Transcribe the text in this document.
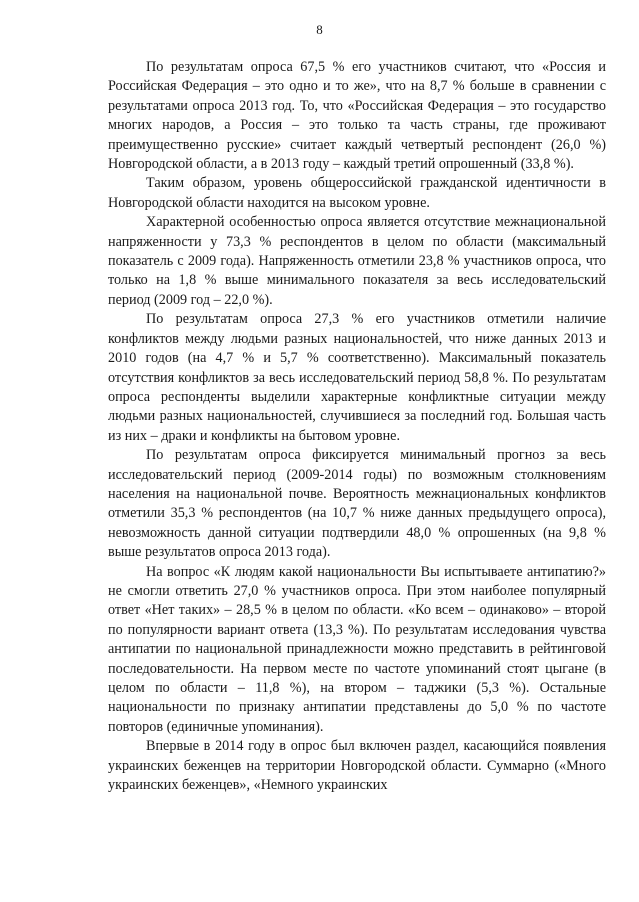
8

По результатам опроса 67,5 % его участников считают, что «Россия и Российская Федерация – это одно и то же», что на 8,7 % больше в сравнении с результатами опроса 2013 год. То, что «Российская Федерация – это государство многих народов, а Россия – это только та часть страны, где проживают преимущественно русские» считает каждый четвертый респондент (26,0 %) Новгородской области, а в 2013 году – каждый третий опрошенный (33,8 %).

Таким образом, уровень общероссийской гражданской идентичности в Новгородской области находится на высоком уровне.

Характерной особенностью опроса является отсутствие межнациональной напряженности у 73,3 % респондентов в целом по области (максимальный показатель с 2009 года). Напряженность отметили 23,8 % участников опроса, что только на 1,8 % выше минимального показателя за весь исследовательский период (2009 год – 22,0 %).

По результатам опроса 27,3 % его участников отметили наличие конфликтов между людьми разных национальностей, что ниже данных 2013 и 2010 годов (на 4,7 % и 5,7 % соответственно). Максимальный показатель отсутствия конфликтов за весь исследовательский период 58,8 %. По результатам опроса респонденты выделили характерные конфликтные ситуации между людьми разных национальностей, случившиеся за последний год. Большая часть из них – драки и конфликты на бытовом уровне.

По результатам опроса фиксируется минимальный прогноз за весь исследовательский период (2009-2014 годы) по возможным столкновениям населения на национальной почве. Вероятность межнациональных конфликтов отметили 35,3 % респондентов (на 10,7 % ниже данных предыдущего опроса), невозможность данной ситуации подтвердили 48,0 % опрошенных (на 9,8 % выше результатов опроса 2013 года).

На вопрос «К людям какой национальности Вы испытываете антипатию?» не смогли ответить 27,0 % участников опроса. При этом наиболее популярный ответ «Нет таких» – 28,5 % в целом по области. «Ко всем – одинаково» – второй по популярности вариант ответа (13,3 %). По результатам исследования чувства антипатии по национальной принадлежности можно представить в рейтинговой последовательности. На первом месте по частоте упоминаний стоят цыгане (в целом по области – 11,8 %), на втором – таджики (5,3 %). Остальные национальности по признаку антипатии представлены до 5,0 % по частоте повторов (единичные упоминания).

Впервые в 2014 году в опрос был включен раздел, касающийся появления украинских беженцев на территории Новгородской области. Суммарно («Много украинских беженцев», «Немного украинских
